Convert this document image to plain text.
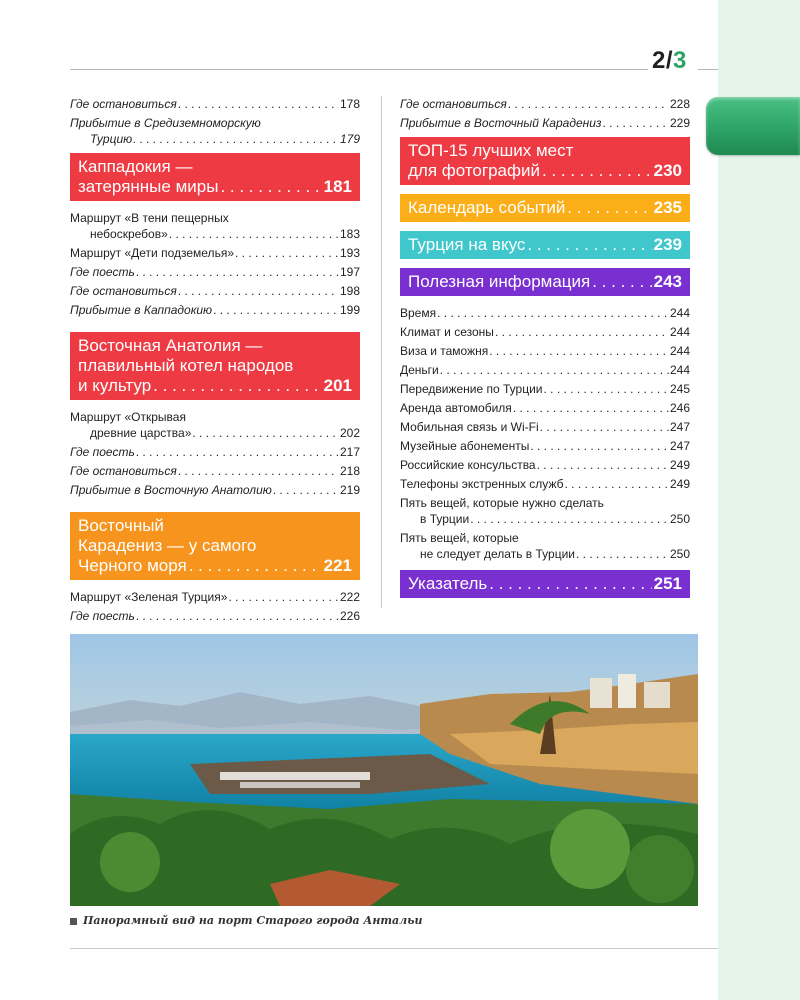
2/3
Где остановиться . . .	178
Прибытие в Средиземноморскую
Турцию . . .	179
Каппадокия —
затерянные миры . . .	181
Маршрут «В тени пещерных
небоскребов» . . .	183
Маршрут «Дети подземелья» . . .	193
Где поесть . . .	197
Где остановиться . . .	198
Прибытие в Каппадокию . . .	199
Восточная Анатолия —
плавильный котел народов
и культур . . .	201
Маршрут «Открывая
древние царства» . . .	202
Где поесть . . .	217
Где остановиться . . .	218
Прибытие в Восточную Анатолию . . .	219
Восточный
Карадениз — у самого
Черного моря . . .	221
Маршрут «Зеленая Турция» . . .	222
Где поесть . . .	226
Где остановиться . . .	228
Прибытие в Восточный Карадениз . . .	229
ТОП-15 лучших мест
для фотографий . . .	230
Календарь событий . . .	235
Турция на вкус . . .	239
Полезная информация . . .	243
Время . . .	244
Климат и сезоны . . .	244
Виза и таможня . . .	244
Деньги . . .	244
Передвижение по Турции . . .	245
Аренда автомобиля . . .	246
Мобильная связь и Wi-Fi . . .	247
Музейные абонементы . . .	247
Российские консульства . . .	249
Телефоны экстренных служб . . .	249
Пять вещей, которые нужно сделать
в Турции . . .	250
Пять вещей, которые
не следует делать в Турции . . .	250
Указатель . . .	251
Панорамный вид на порт Старого города Антальи
